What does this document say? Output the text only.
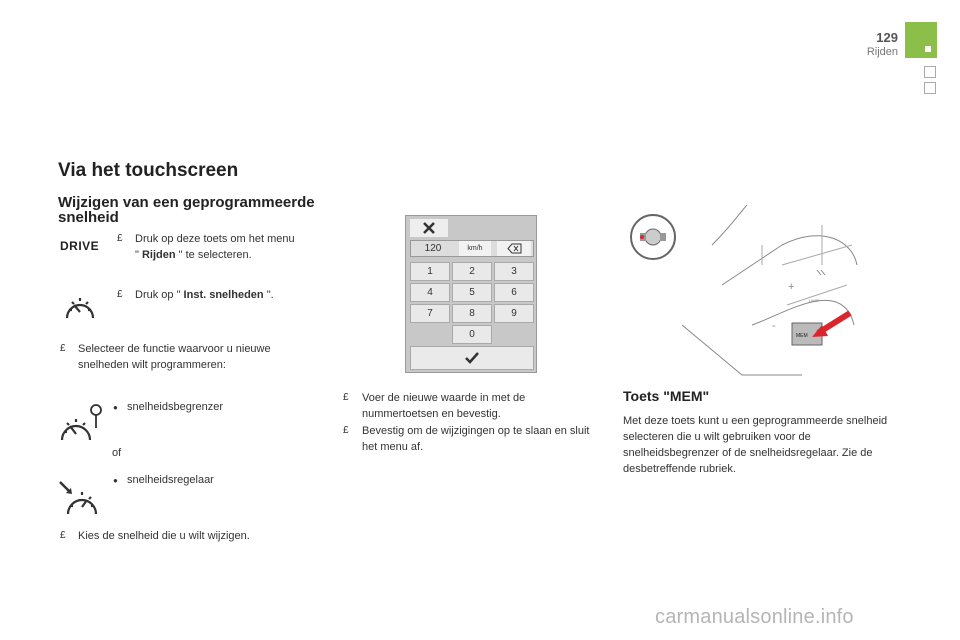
129
Rijden
Via het touchscreen
Wijzigen van een geprogrammeerde snelheid
DRIVE
£ Druk op deze toets om het menu
" Rijden " te selecteren.
£ Druk op " Inst. snelheden ".
£ Selecteer de functie waarvoor u nieuwe snelheden wilt programmeren:
● snelheidsbegrenzer
of
● snelheidsregelaar
£ Kies de snelheid die u wilt wijzigen.
120	km/h
1	2	3
4	5	6
7	8	9
0
£ Voer de nieuwe waarde in met de nummertoetsen en bevestig.
£ Bevestig om de wijzigingen op te slaan en sluit het menu af.
+
-
LIMIT
MEM
Toets "MEM"
Met deze toets kunt u een geprogrammeerde snelheid selecteren die u wilt gebruiken voor de snelheidsbegrenzer of de snelheidsregelaar. Zie de desbetreffende rubriek.
carmanualsonline.info
